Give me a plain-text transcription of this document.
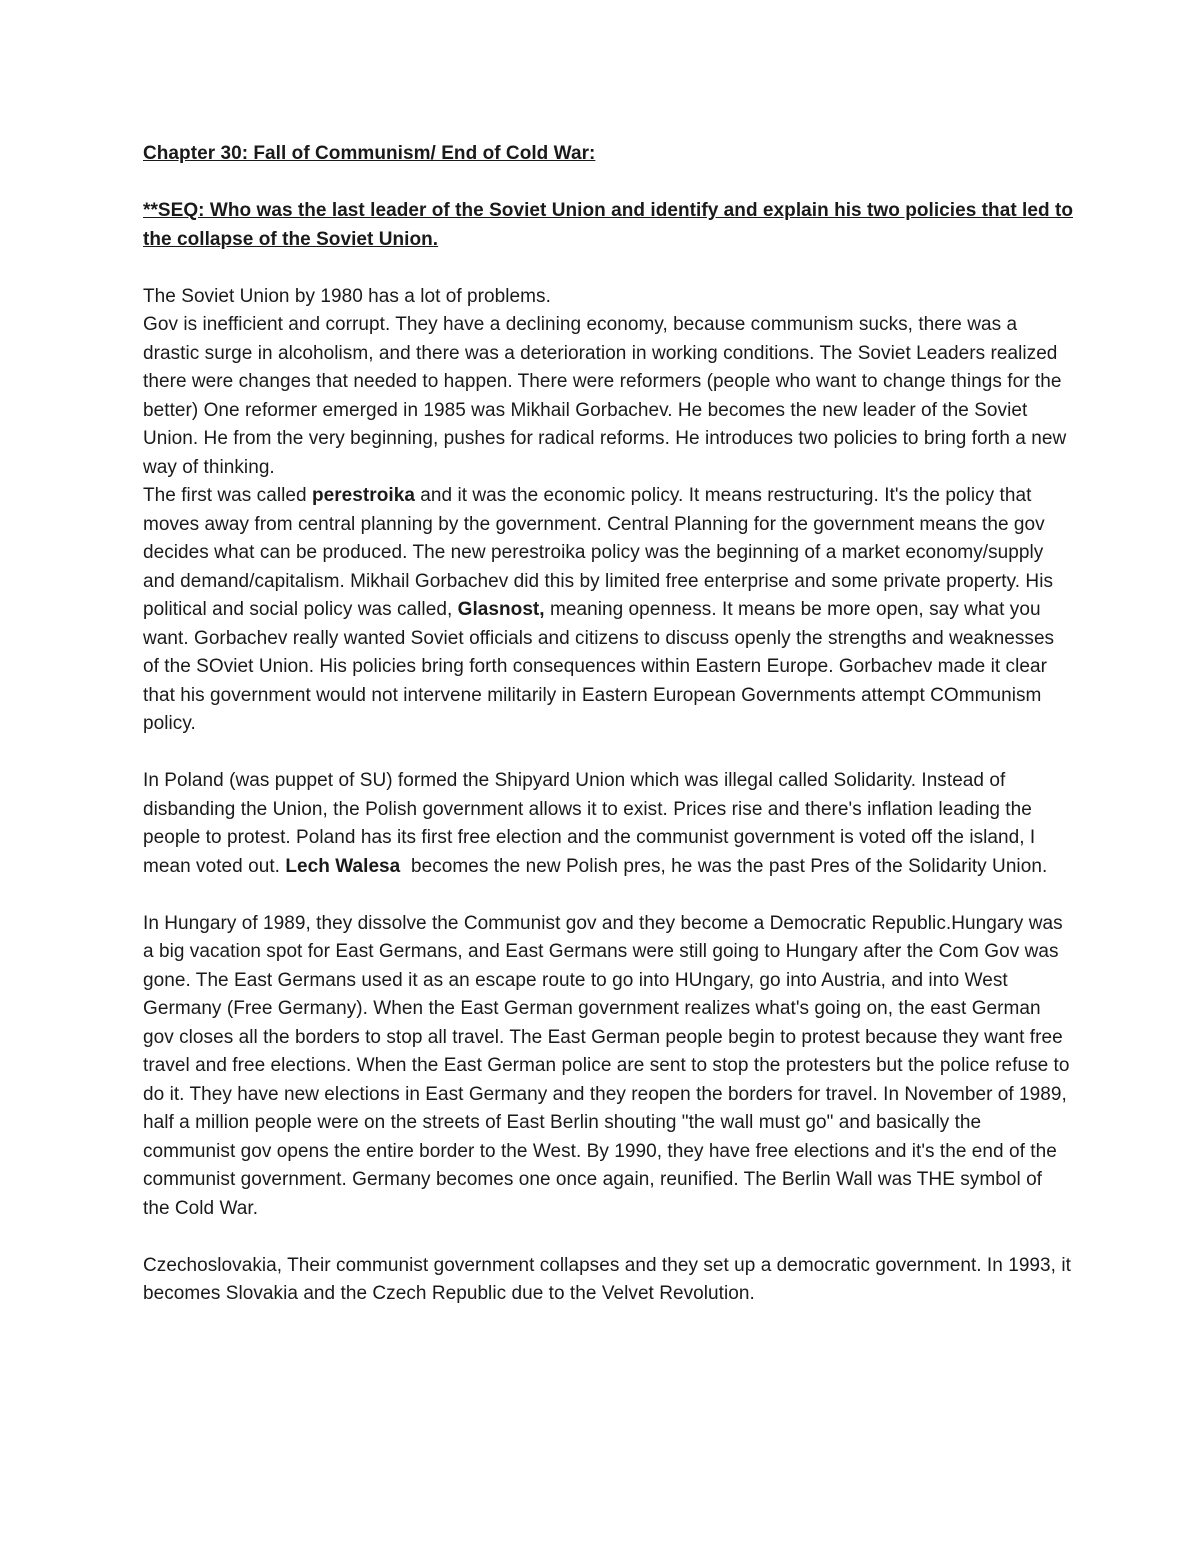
Chapter 30: Fall of Communism/ End of Cold War:

**SEQ: Who was the last leader of the Soviet Union and identify and explain his two policies that led to the collapse of the Soviet Union.

The Soviet Union by 1980 has a lot of problems.

Gov is inefficient and corrupt. They have a declining economy, because communism sucks, there was a drastic surge in alcoholism, and there was a deterioration in working conditions. The Soviet Leaders realized there were changes that needed to happen. There were reformers (people who want to change things for the better) One reformer emerged in 1985 was Mikhail Gorbachev. He becomes the new leader of the Soviet Union. He from the very beginning, pushes for radical reforms. He introduces two policies to bring forth a new way of thinking.
The first was called perestroika and it was the economic policy. It means restructuring. It's the policy that moves away from central planning by the government. Central Planning for the government means the gov decides what can be produced. The new perestroika policy was the beginning of a market economy/supply and demand/capitalism. Mikhail Gorbachev did this by limited free enterprise and some private property. His political and social policy was called, Glasnost, meaning openness. It means be more open, say what you want. Gorbachev really wanted Soviet officials and citizens to discuss openly the strengths and weaknesses of the SOviet Union. His policies bring forth consequences within Eastern Europe. Gorbachev made it clear that his government would not intervene militarily in Eastern European Governments attempt COmmunism policy.

In Poland (was puppet of SU) formed the Shipyard Union which was illegal called Solidarity. Instead of disbanding the Union, the Polish government allows it to exist. Prices rise and there's inflation leading the people to protest. Poland has its first free election and the communist government is voted off the island, I mean voted out. Lech Walesa  becomes the new Polish pres, he was the past Pres of the Solidarity Union.

In Hungary of 1989, they dissolve the Communist gov and they become a Democratic Republic.Hungary was a big vacation spot for East Germans, and East Germans were still going to Hungary after the Com Gov was gone. The East Germans used it as an escape route to go into HUngary, go into Austria, and into West Germany (Free Germany). When the East German government realizes what's going on, the east German gov closes all the borders to stop all travel. The East German people begin to protest because they want free travel and free elections. When the East German police are sent to stop the protesters but the police refuse to do it. They have new elections in East Germany and they reopen the borders for travel. In November of 1989, half a million people were on the streets of East Berlin shouting "the wall must go" and basically the communist gov opens the entire border to the West. By 1990, they have free elections and it's the end of the communist government. Germany becomes one once again, reunified. The Berlin Wall was THE symbol of the Cold War.

Czechoslovakia, Their communist government collapses and they set up a democratic government. In 1993, it becomes Slovakia and the Czech Republic due to the Velvet Revolution.
